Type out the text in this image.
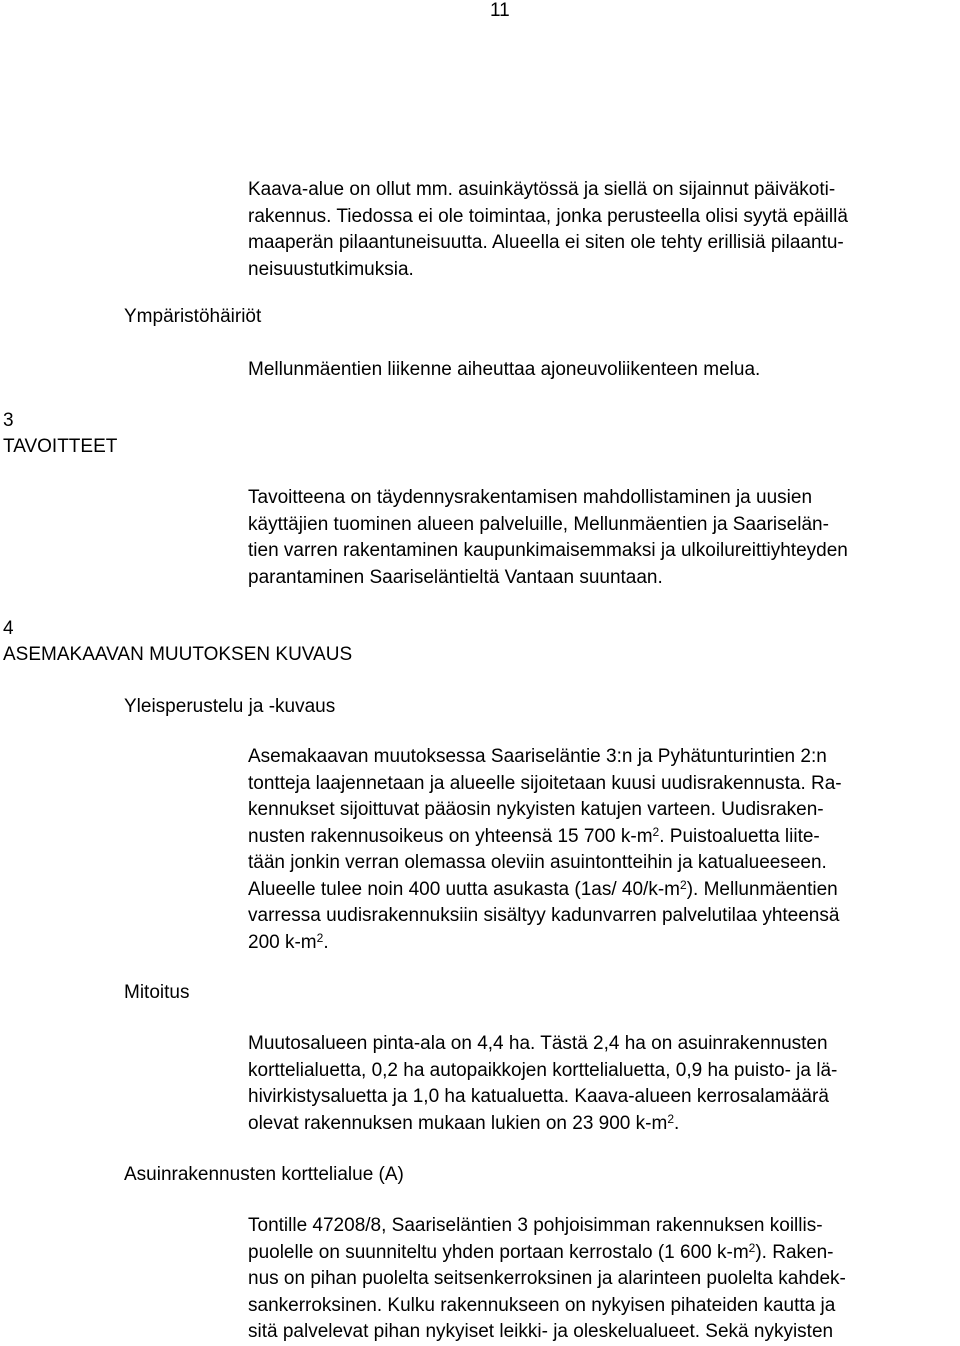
11
Kaava-alue on ollut mm. asuinkäytössä ja siellä on sijainnut päiväkoti-
rakennus. Tiedossa ei ole toimintaa, jonka perusteella olisi syytä epäillä
maaperän pilaantuneisuutta. Alueella ei siten ole tehty erillisiä pilaantu-
neisuustutkimuksia.
Ympäristöhäiriöt
Mellunmäentien liikenne aiheuttaa ajoneuvoliikenteen melua.
3
TAVOITTEET
Tavoitteena on täydennysrakentamisen mahdollistaminen ja uusien
käyttäjien tuominen alueen palveluille, Mellunmäentien ja Saariselän-
tien varren rakentaminen kaupunkimaisemmaksi ja ulkoilureittiyhteyden
parantaminen Saariseläntieltä Vantaan suuntaan.
4
ASEMAKAAVAN MUUTOKSEN KUVAUS
Yleisperustelu ja -kuvaus
Asemakaavan muutoksessa Saariseläntie 3:n ja Pyhätunturintien 2:n
tontteja laajennetaan ja alueelle sijoitetaan kuusi uudisrakennusta. Ra-
kennukset sijoittuvat pääosin nykyisten katujen varteen. Uudisraken-
nusten rakennusoikeus on yhteensä 15 700 $k-m^2$. Puistoaluetta liite-
tään jonkin verran olemassa oleviin asuintontteihin ja katualueeseen.
Alueelle tulee noin 400 uutta asukasta (1as/ $40/k-m^2$). Mellunmäentien
varressa uudisrakennuksiin sisältyy kadunvarren palvelutilaa yhteensä
200 $k-m^2$.
Mitoitus
Muutosalueen pinta-ala on 4,4 ha. Tästä 2,4 ha on asuinrakennusten
korttelialuetta, 0,2 ha autopaikkojen korttelialuetta, 0,9 ha puisto- ja lä-
hivirkistysaluetta ja 1,0 ha katualuetta. Kaava-alueen kerrosalamäärä
olevat rakennuksen mukaan lukien on 23 900 $k-m^2$.
Asuinrakennusten korttelialue (A)
Tontille 47208/8, Saariseläntien 3 pohjoisimman rakennuksen koillis-
puolelle on suunniteltu yhden portaan kerrostalo (1 600 $k-m^2$). Raken-
nus on pihan puolelta seitsenkerroksinen ja alarinteen puolelta kahdek-
sankerroksinen. Kulku rakennukseen on nykyisen pihateiden kautta ja
sitä palvelevat pihan nykyiset leikki- ja oleskelualueet. Sekä nykyisten
